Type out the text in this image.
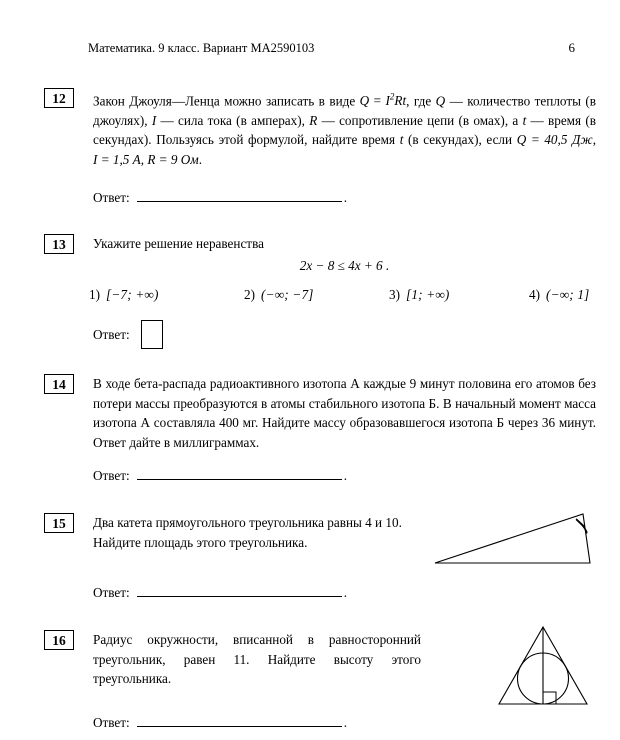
Математика. 9 класс. Вариант МА2590103	6
12	Закон Джоуля—Ленца можно записать в виде $Q = I^2Rt$, где Q — количество теплоты (в джоулях), I — сила тока (в амперах), R — сопротивление цепи (в омах), а t — время (в секундах). Пользуясь этой формулой, найдите время t (в секундах), если Q = 40,5 Дж, I = 1,5 А, R = 9 Ом.
Ответ:	.
13	Укажите решение неравенства
2x − 8 ≤ 4x + 6 .
1) [−7; +∞)	2) (−∞; −7]	3) [1; +∞)	4) (−∞; 1]
Ответ:
14	В ходе бета-распада радиоактивного изотопа А каждые 9 минут половина его атомов без потери массы преобразуются в атомы стабильного изотопа Б. В начальный момент масса изотопа А составляла 400 мг. Найдите массу образовавшегося изотопа Б через 36 минут. Ответ дайте в миллиграммах.
Ответ:	.
15	Два катета прямоугольного треугольника равны 4 и 10. Найдите площадь этого треугольника.
Ответ:	.
16	Радиус окружности, вписанной в равносторонний треугольник, равен 11. Найдите высоту этого треугольника.
Ответ:	.
